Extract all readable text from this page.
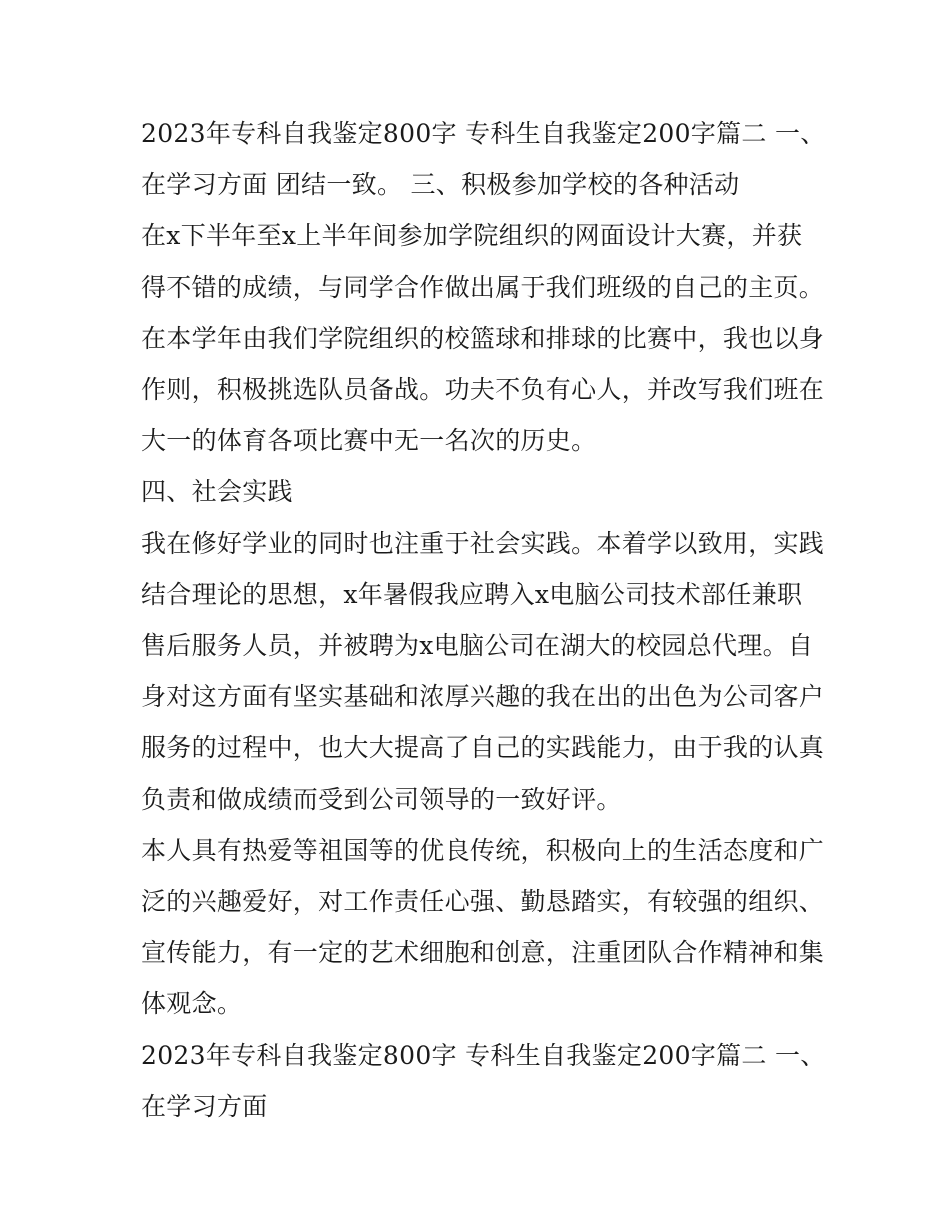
2023年专科自我鉴定800字 专科生自我鉴定200字篇二 一、
在学习方面 团结一致。 三、积极参加学校的各种活动
在x下半年至x上半年间参加学院组织的网面设计大赛，并获
得不错的成绩，与同学合作做出属于我们班级的自己的主页。
在本学年由我们学院组织的校篮球和排球的比赛中，我也以身
作则，积极挑选队员备战。功夫不负有心人，并改写我们班在
大一的体育各项比赛中无一名次的历史。
四、社会实践
我在修好学业的同时也注重于社会实践。本着学以致用，实践
结合理论的思想，x年暑假我应聘入x电脑公司技术部任兼职
售后服务人员，并被聘为x电脑公司在湖大的校园总代理。自
身对这方面有坚实基础和浓厚兴趣的我在出的出色为公司客户
服务的过程中，也大大提高了自己的实践能力，由于我的认真
负责和做成绩而受到公司领导的一致好评。
本人具有热爱等祖国等的优良传统，积极向上的生活态度和广
泛的兴趣爱好，对工作责任心强、勤恳踏实，有较强的组织、
宣传能力，有一定的艺术细胞和创意，注重团队合作精神和集
体观念。
2023年专科自我鉴定800字 专科生自我鉴定200字篇二 一、
在学习方面
